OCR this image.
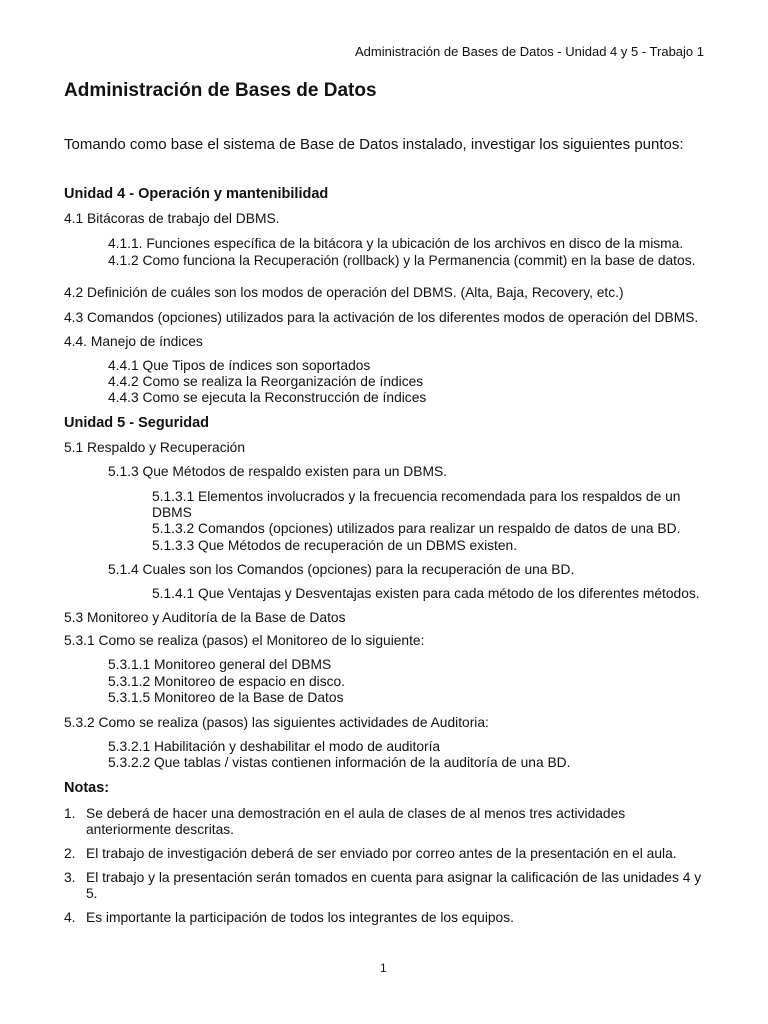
Administración de Bases de Datos - Unidad 4 y 5 - Trabajo 1
Administración de Bases de Datos
Tomando como base el sistema de Base de Datos instalado, investigar los siguientes puntos:
Unidad 4 - Operación y mantenibilidad
4.1 Bitácoras de trabajo del DBMS.
4.1.1. Funciones específica de la bitácora y la ubicación de los archivos en disco de la misma.
4.1.2 Como funciona la Recuperación (rollback) y la Permanencia (commit) en la base de datos.
4.2 Definición de cuáles son los modos de operación del DBMS. (Alta, Baja, Recovery, etc.)
4.3 Comandos (opciones) utilizados para la activación de los diferentes modos de operación del DBMS.
4.4. Manejo de índices
4.4.1 Que Tipos de índices son soportados
4.4.2 Como se realiza la Reorganización de índices
4.4.3 Como se ejecuta la Reconstrucción de índices
Unidad 5 - Seguridad
5.1 Respaldo y Recuperación
5.1.3 Que Métodos de respaldo existen para un DBMS.
5.1.3.1 Elementos involucrados y la frecuencia recomendada para los respaldos de un
DBMS
5.1.3.2 Comandos (opciones) utilizados para realizar un respaldo de datos de una BD.
5.1.3.3 Que Métodos de recuperación de un DBMS existen.
5.1.4 Cuales son los Comandos (opciones) para la recuperación de una BD.
5.1.4.1 Que Ventajas y Desventajas existen para cada método de los diferentes métodos.
5.3 Monitoreo y Auditoría de la Base de Datos
5.3.1 Como se realiza (pasos) el Monitoreo de lo siguiente:
5.3.1.1 Monitoreo general del DBMS
5.3.1.2 Monitoreo de espacio en disco.
5.3.1.5 Monitoreo de la Base de Datos
5.3.2 Como se realiza (pasos) las siguientes actividades de Auditoria:
5.3.2.1 Habilitación y deshabilitar el modo de auditoría
5.3.2.2 Que tablas / vistas contienen información de la auditoría de una BD.
Notas:
1. Se deberá de hacer una demostración en el aula de clases de al menos tres actividades
anteriormente descritas.
2. El trabajo de investigación deberá de ser enviado por correo antes de la presentación en el aula.
3. El trabajo y la presentación serán tomados en cuenta para asignar la calificación de las unidades 4 y
5.
4. Es importante la participación de todos los integrantes de los equipos.
1
